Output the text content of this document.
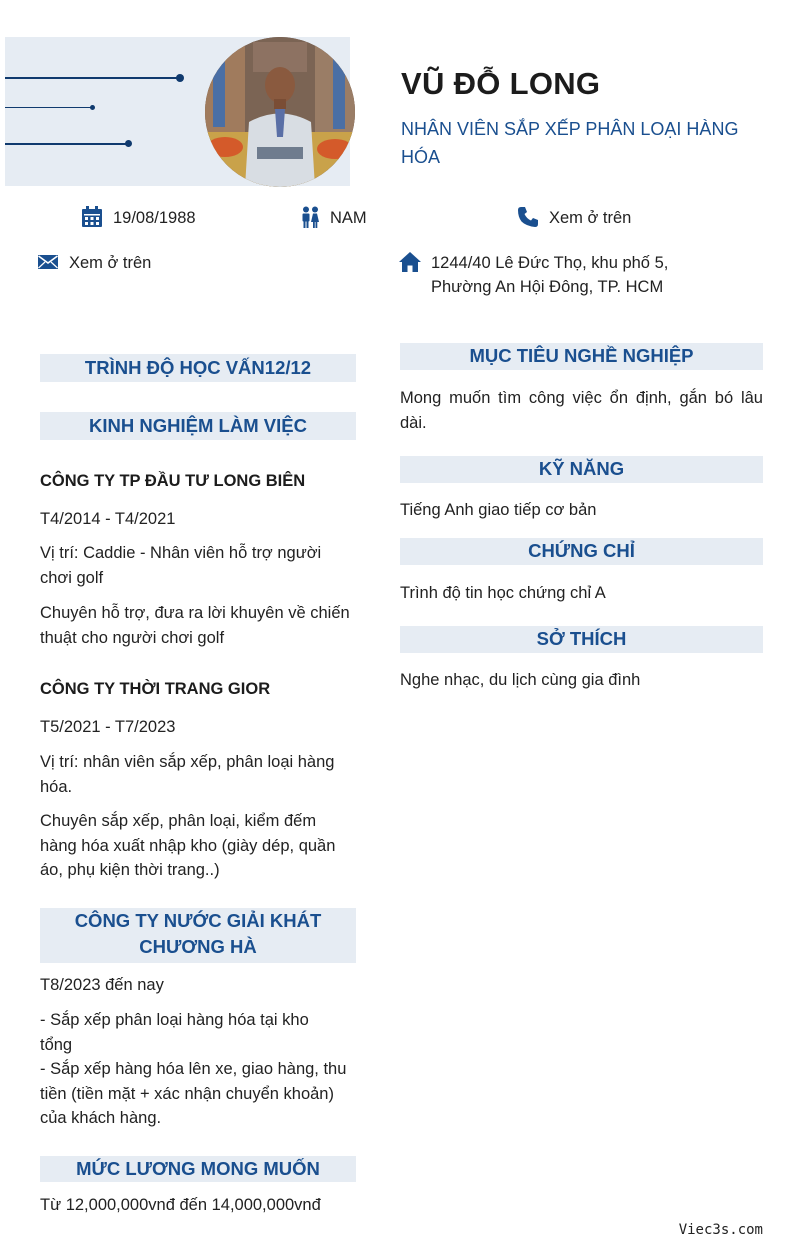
VŨ ĐỖ LONG
NHÂN VIÊN SẮP XẾP PHÂN LOẠI HÀNG HÓA
19/08/1988	NAM	Xem ở trên
Xem ở trên	1244/40 Lê Đức Thọ, khu phố 5,
Phường An Hội Đông, TP. HCM
TRÌNH ĐỘ HỌC VẤN12/12
KINH NGHIỆM LÀM VIỆC
CÔNG TY TP ĐẦU TƯ LONG BIÊN
T4/2014 - T4/2021
Vị trí: Caddie - Nhân viên hỗ trợ người chơi golf
Chuyên hỗ trợ, đưa ra lời khuyên về chiến thuật cho người chơi golf
CÔNG TY THỜI TRANG GIOR
T5/2021 - T7/2023
Vị trí: nhân viên sắp xếp, phân loại hàng hóa.
Chuyên sắp xếp, phân loại, kiểm đếm hàng hóa xuất nhập kho (giày dép, quần áo, phụ kiện thời trang..)
CÔNG TY NƯỚC GIẢI KHÁT CHƯƠNG HÀ
T8/2023 đến nay
- Sắp xếp phân loại hàng hóa tại kho tổng
- Sắp xếp hàng hóa lên xe, giao hàng, thu tiền (tiền mặt + xác nhận chuyển khoản) của khách hàng.
MỨC LƯƠNG MONG MUỐN
Từ 12,000,000vnđ đến 14,000,000vnđ
MỤC TIÊU NGHỀ NGHIỆP
Mong muốn tìm công việc ổn định, gắn bó lâu dài.
KỸ NĂNG
Tiếng Anh giao tiếp cơ bản
CHỨNG CHỈ
Trình độ tin học chứng chỉ A
SỞ THÍCH
Nghe nhạc, du lịch cùng gia đình
Viec3s.com
